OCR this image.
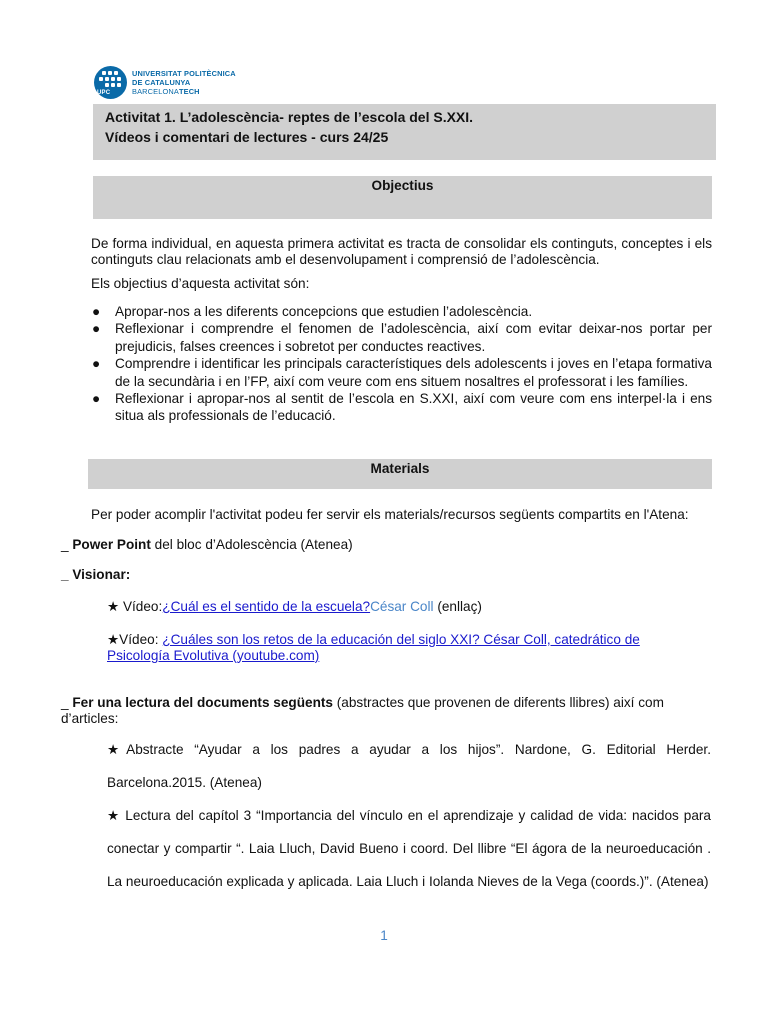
UPC
UNIVERSITAT POLITÈCNICA
DE CATALUNYA
BARCELONATECH
Activitat 1. L’adolescència- reptes de l’escola del S.XXI.
Vídeos i comentari de lectures - curs 24/25
Objectius
De forma individual, en aquesta primera activitat es tracta de consolidar els continguts, conceptes i els continguts clau relacionats amb el desenvolupament i comprensió de l’adolescència.
Els objectius d’aquesta activitat són:
● Apropar-nos a les diferents concepcions que estudien l’adolescència.
● Reflexionar i comprendre el fenomen de l’adolescència, així com evitar deixar-nos portar per prejudicis, falses creences i sobretot per conductes reactives.
● Comprendre i identificar les principals característiques dels adolescents i joves en l’etapa formativa de la secundària i en l’FP, així com veure com ens situem nosaltres el professorat i les famílies.
● Reflexionar i apropar-nos al sentit de l’escola en S.XXI, així com veure com ens interpel·la i ens situa als professionals de l’educació.
Materials
Per poder acomplir l'activitat podeu fer servir els materials/recursos següents compartits en l'Atena:
_ Power Point del bloc d’Adolescència (Atenea)
_ Visionar:
★ Vídeo:¿Cuál es el sentido de la escuela?César Coll (enllaç)
★Vídeo: ¿Cuáles son los retos de la educación del siglo XXI? César Coll, catedrático de Psicología Evolutiva (youtube.com)
_ Fer una lectura del documents següents (abstractes que provenen de diferents llibres) així com d’articles:
★Abstracte “Ayudar a los padres a ayudar a los hijos”. Nardone, G. Editorial Herder. Barcelona.2015. (Atenea)
★ Lectura del capítol 3 “Importancia del vínculo en el aprendizaje y calidad de vida: nacidos para conectar y compartir “. Laia Lluch, David Bueno i coord. Del llibre “El ágora de la neuroeducación . La neuroeducación explicada y aplicada. Laia Lluch i Iolanda Nieves de la Vega (coords.)”. (Atenea)
1
